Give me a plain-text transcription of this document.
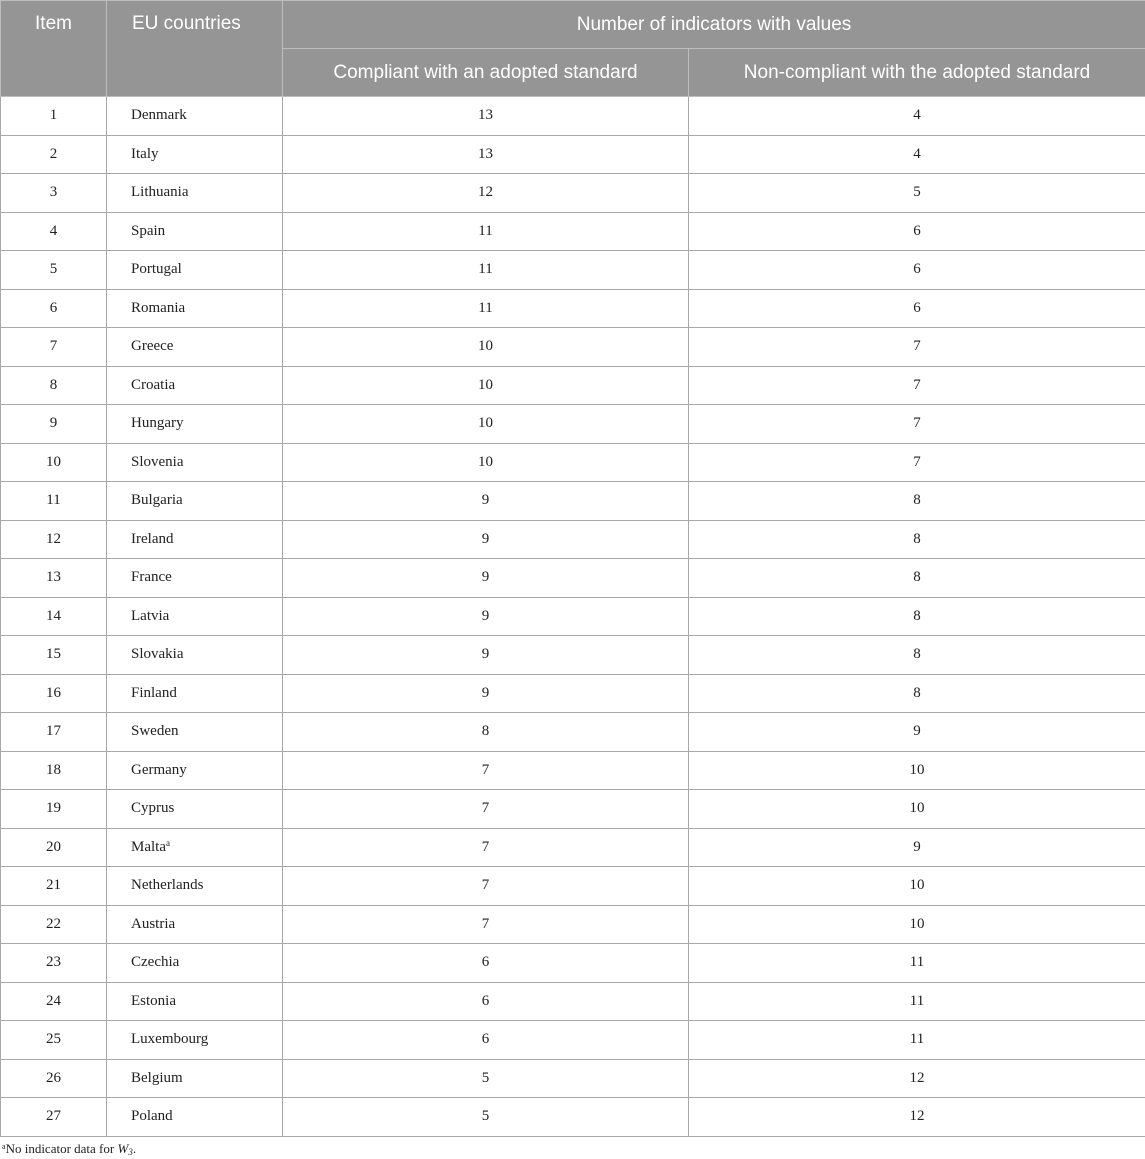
Item	EU countries	Number of indicators with values	
		Compliant with an adopted standard	Non-compliant with the adopted standard
1	Denmark	13	4
2	Italy	13	4
3	Lithuania	12	5
4	Spain	11	6
5	Portugal	11	6
6	Romania	11	6
7	Greece	10	7
8	Croatia	10	7
9	Hungary	10	7
10	Slovenia	10	7
11	Bulgaria	9	8
12	Ireland	9	8
13	France	9	8
14	Latvia	9	8
15	Slovakia	9	8
16	Finland	9	8
17	Sweden	8	9
18	Germany	7	10
19	Cyprus	7	10
20	Malta$^a$	7	9
21	Netherlands	7	10
22	Austria	7	10
23	Czechia	6	11
24	Estonia	6	11
25	Luxembourg	6	11
26	Belgium	5	12
27	Poland	5	12
$^a$No indicator data for $W_3$.
